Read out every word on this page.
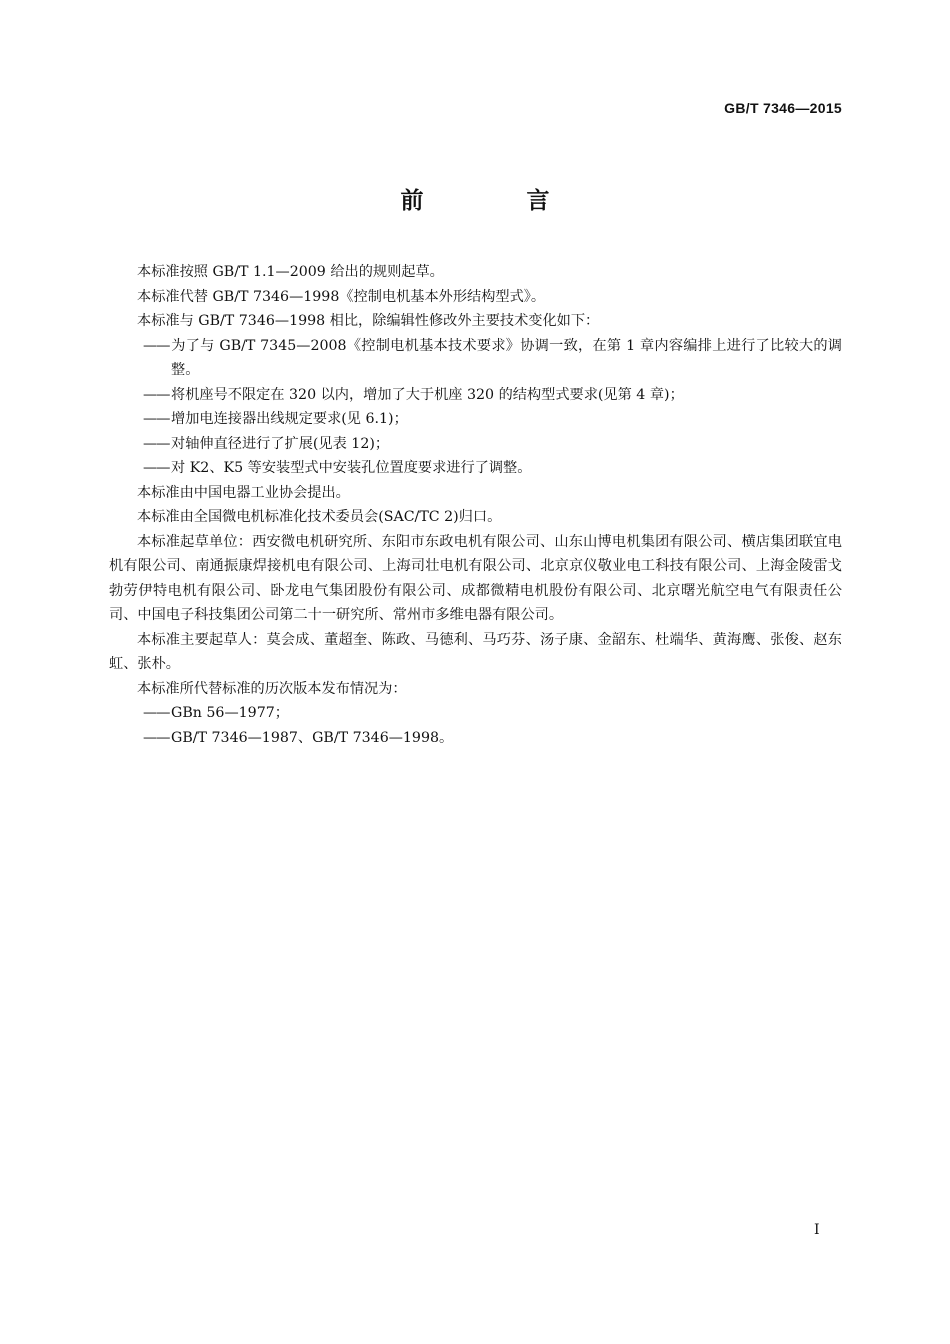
GB/T 7346—2015
前　言

本标准按照 GB/T 1.1—2009 给出的规则起草。

本标准代替 GB/T 7346—1998《控制电机基本外形结构型式》。

本标准与 GB/T 7346—1998 相比，除编辑性修改外主要技术变化如下：

—— 为了与 GB/T 7345—2008《控制电机基本技术要求》协调一致，在第 1 章内容编排上进行了比较大的调整。

—— 将机座号不限定在 320 以内，增加了大于机座 320 的结构型式要求(见第 4 章)；

—— 增加电连接器出线规定要求(见 6.1)；

—— 对轴伸直径进行了扩展(见表 12)；

—— 对 K2、K5 等安装型式中安装孔位置度要求进行了调整。

本标准由中国电器工业协会提出。

本标准由全国微电机标准化技术委员会(SAC/TC 2)归口。

本标准起草单位：西安微电机研究所、东阳市东政电机有限公司、山东山博电机集团有限公司、横店集团联宜电机有限公司、南通振康焊接机电有限公司、上海司壮电机有限公司、北京京仪敬业电工科技有限公司、上海金陵雷戈勃劳伊特电机有限公司、卧龙电气集团股份有限公司、成都微精电机股份有限公司、北京曙光航空电气有限责任公司、中国电子科技集团公司第二十一研究所、常州市多维电器有限公司。

本标准主要起草人：莫会成、董超奎、陈政、马德利、马巧芬、汤子康、金韶东、杜端华、黄海鹰、张俊、赵东虹、张朴。

本标准所代替标准的历次版本发布情况为：

—— GBn 56—1977；

—— GB/T 7346—1987、GB/T 7346—1998。

I
